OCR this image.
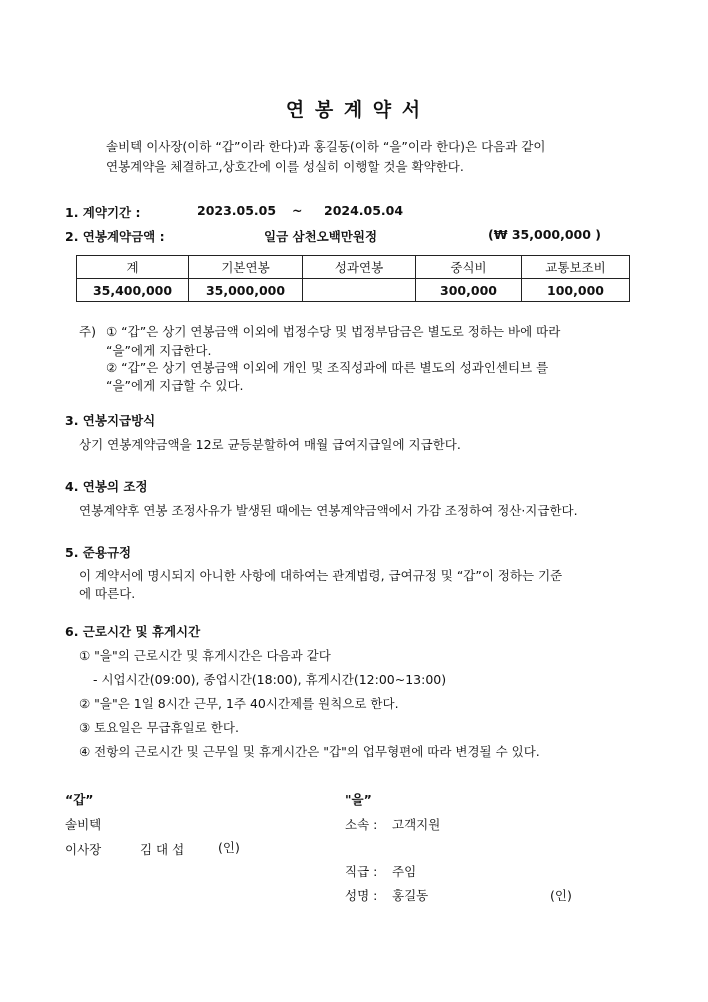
연 봉 계 약 서
솔비텍 이사장(이하 “갑”이라 한다)과 홍길동(이하 “을”이라 한다)은 다음과 같이
연봉계약을 체결하고,상호간에 이를 성실히 이행할 것을 확약한다.
1. 계약기간 :	2023.05.05 ~ 2024.05.04
2. 연봉계약금액 :	일금 삼천오백만원정	(₩ 35,000,000 )
계	기본연봉	성과연봉	중식비	교통보조비
35,400,000	35,000,000		300,000	100,000
주) ① “갑”은 상기 연봉금액 이외에 법정수당 및 법정부담금은 별도로 정하는 바에 따라
“을”에게 지급한다.
② “갑”은 상기 연봉금액 이외에 개인 및 조직성과에 따른 별도의 성과인센티브 를
“을”에게 지급할 수 있다.
3. 연봉지급방식
상기 연봉계약금액을 12로 균등분할하여 매월 급여지급일에 지급한다.
4. 연봉의 조정
연봉계약후 연봉 조정사유가 발생된 때에는 연봉계약금액에서 가감 조정하여 정산·지급한다.
5. 준용규정
이 계약서에 명시되지 아니한 사항에 대하여는 관계법령, 급여규정 및 “갑”이 정하는 기준
에 따른다.
6. 근로시간 및 휴게시간
① "을"의 근로시간 및 휴게시간은 다음과 같다
- 시업시간(09:00), 종업시간(18:00), 휴게시간(12:00~13:00)
② "을"은 1일 8시간 근무, 1주 40시간제를 원칙으로 한다.
③ 토요일은 무급휴일로 한다.
④ 전항의 근로시간 및 근무일 및 휴게시간은 "갑"의 업무형편에 따라 변경될 수 있다.
“갑”
솔비텍
이사장	김 대 섭	(인)
"을”
소속 : 고객지원
직급 : 주임
성명 : 홍길동	(인)
